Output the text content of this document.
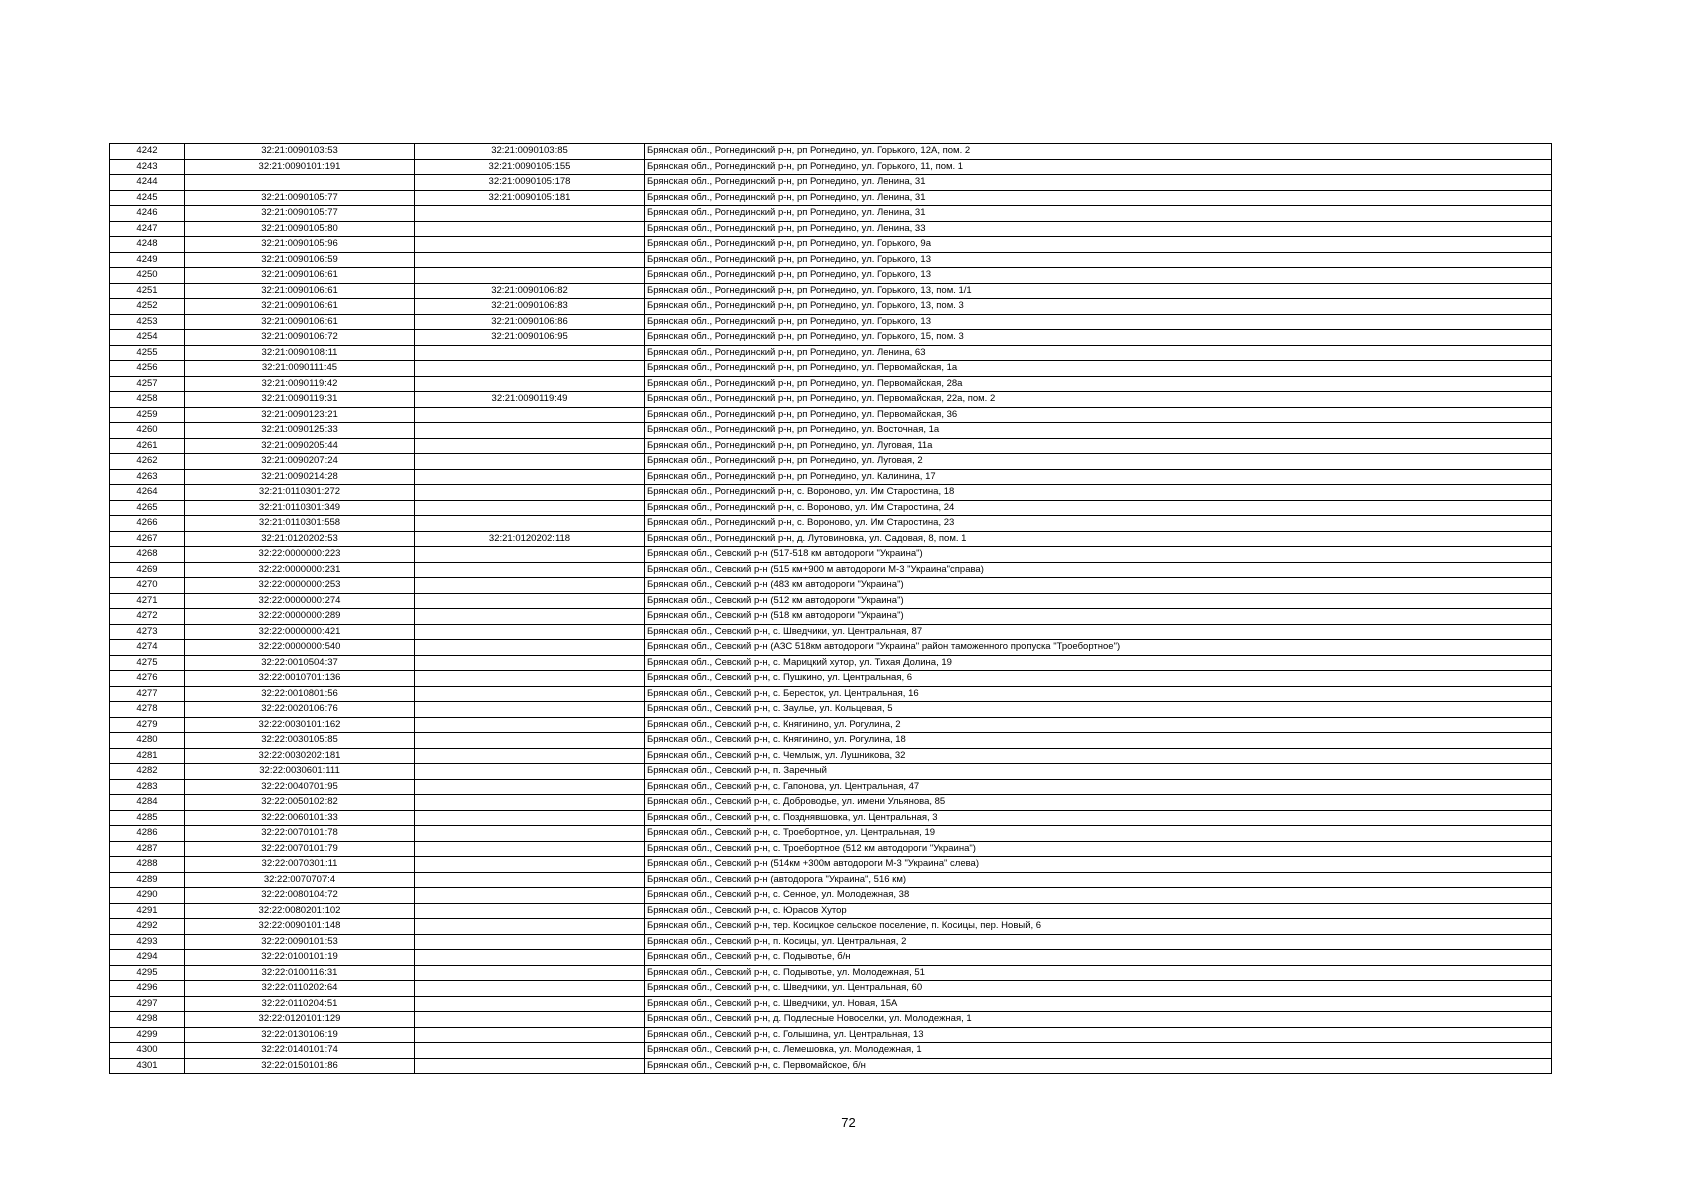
4242	32:21:0090103:53	32:21:0090103:85	Брянская обл., Рогнединский р-н, рп Рогнедино, ул. Горького, 12А, пом. 2
4243	32:21:0090101:191	32:21:0090105:155	Брянская обл., Рогнединский р-н, рп Рогнедино, ул. Горького, 11, пом. 1
4244		32:21:0090105:178	Брянская обл., Рогнединский р-н, рп Рогнедино, ул. Ленина, 31
4245	32:21:0090105:77	32:21:0090105:181	Брянская обл., Рогнединский р-н, рп Рогнедино, ул. Ленина, 31
4246	32:21:0090105:77		Брянская обл., Рогнединский р-н, рп Рогнедино, ул. Ленина, 31
4247	32:21:0090105:80		Брянская обл., Рогнединский р-н, рп Рогнедино, ул. Ленина, 33
4248	32:21:0090105:96		Брянская обл., Рогнединский р-н, рп Рогнедино, ул. Горького, 9а
4249	32:21:0090106:59		Брянская обл., Рогнединский р-н, рп Рогнедино, ул. Горького, 13
4250	32:21:0090106:61		Брянская обл., Рогнединский р-н, рп Рогнедино, ул. Горького, 13
4251	32:21:0090106:61	32:21:0090106:82	Брянская обл., Рогнединский р-н, рп Рогнедино, ул. Горького, 13, пом. 1/1
4252	32:21:0090106:61	32:21:0090106:83	Брянская обл., Рогнединский р-н, рп Рогнедино, ул. Горького, 13, пом. 3
4253	32:21:0090106:61	32:21:0090106:86	Брянская обл., Рогнединский р-н, рп Рогнедино, ул. Горького, 13
4254	32:21:0090106:72	32:21:0090106:95	Брянская обл., Рогнединский р-н, рп Рогнедино, ул. Горького, 15, пом. 3
4255	32:21:0090108:11		Брянская обл., Рогнединский р-н, рп Рогнедино, ул. Ленина, 63
4256	32:21:0090111:45		Брянская обл., Рогнединский р-н, рп Рогнедино, ул. Первомайская, 1а
4257	32:21:0090119:42		Брянская обл., Рогнединский р-н, рп Рогнедино, ул. Первомайская, 28а
4258	32:21:0090119:31	32:21:0090119:49	Брянская обл., Рогнединский р-н, рп Рогнедино, ул. Первомайская, 22а, пом. 2
4259	32:21:0090123:21		Брянская обл., Рогнединский р-н, рп Рогнедино, ул. Первомайская, 36
4260	32:21:0090125:33		Брянская обл., Рогнединский р-н, рп Рогнедино, ул. Восточная, 1а
4261	32:21:0090205:44		Брянская обл., Рогнединский р-н, рп Рогнедино, ул. Луговая, 11а
4262	32:21:0090207:24		Брянская обл., Рогнединский р-н, рп Рогнедино, ул. Луговая, 2
4263	32:21:0090214:28		Брянская обл., Рогнединский р-н, рп Рогнедино, ул. Калинина, 17
4264	32:21:0110301:272		Брянская обл., Рогнединский р-н, с. Вороново, ул. Им Старостина, 18
4265	32:21:0110301:349		Брянская обл., Рогнединский р-н, с. Вороново, ул. Им Старостина, 24
4266	32:21:0110301:558		Брянская обл., Рогнединский р-н, с. Вороново, ул. Им Старостина, 23
4267	32:21:0120202:53	32:21:0120202:118	Брянская обл., Рогнединский р-н, д. Лутовиновка, ул. Садовая, 8, пом. 1
4268	32:22:0000000:223		Брянская обл., Севский р-н (517-518 км автодороги "Украина")
4269	32:22:0000000:231		Брянская обл., Севский р-н (515 км+900 м автодороги М-3 "Украина"справа)
4270	32:22:0000000:253		Брянская обл., Севский р-н (483 км автодороги "Украина")
4271	32:22:0000000:274		Брянская обл., Севский р-н (512 км автодороги "Украина")
4272	32:22:0000000:289		Брянская обл., Севский р-н (518 км автодороги "Украина")
4273	32:22:0000000:421		Брянская обл., Севский р-н, с. Шведчики, ул. Центральная, 87
4274	32:22:0000000:540		Брянская обл., Севский р-н (АЗС 518км автодороги "Украина" район таможенного пропуска "Троебортное")
4275	32:22:0010504:37		Брянская обл., Севский р-н, с. Марицкий хутор, ул. Тихая Долина, 19
4276	32:22:0010701:136		Брянская обл., Севский р-н, с. Пушкино, ул. Центральная, 6
4277	32:22:0010801:56		Брянская обл., Севский р-н, с. Бересток, ул. Центральная, 16
4278	32:22:0020106:76		Брянская обл., Севский р-н, с. Заулье, ул. Кольцевая, 5
4279	32:22:0030101:162		Брянская обл., Севский р-н, с. Княгинино, ул. Рогулина, 2
4280	32:22:0030105:85		Брянская обл., Севский р-н, с. Княгинино, ул. Рогулина, 18
4281	32:22:0030202:181		Брянская обл., Севский р-н, с. Чемлыж, ул. Лушникова, 32
4282	32:22:0030601:111		Брянская обл., Севский р-н, п. Заречный
4283	32:22:0040701:95		Брянская обл., Севский р-н, с. Гапонова, ул. Центральная, 47
4284	32:22:0050102:82		Брянская обл., Севский р-н, с. Доброводье, ул. имени Ульянова, 85
4285	32:22:0060101:33		Брянская обл., Севский р-н, с. Позднявшовка, ул. Центральная, 3
4286	32:22:0070101:78		Брянская обл., Севский р-н, с. Троебортное, ул. Центральная, 19
4287	32:22:0070101:79		Брянская обл., Севский р-н, с. Троебортное (512 км автодороги "Украина")
4288	32:22:0070301:11		Брянская обл., Севский р-н (514км +300м автодороги М-3 "Украина" слева)
4289	32:22:0070707:4		Брянская обл., Севский р-н (автодорога "Украина", 516 км)
4290	32:22:0080104:72		Брянская обл., Севский р-н, с. Сенное, ул. Молодежная, 38
4291	32:22:0080201:102		Брянская обл., Севский р-н, с. Юрасов Хутор
4292	32:22:0090101:148		Брянская обл., Севский р-н, тер. Косицкое сельское поселение, п. Косицы, пер. Новый, 6
4293	32:22:0090101:53		Брянская обл., Севский р-н, п. Косицы, ул. Центральная, 2
4294	32:22:0100101:19		Брянская обл., Севский р-н, с. Подывотье, б/н
4295	32:22:0100116:31		Брянская обл., Севский р-н, с. Подывотье, ул. Молодежная, 51
4296	32:22:0110202:64		Брянская обл., Севский р-н, с. Шведчики, ул. Центральная, 60
4297	32:22:0110204:51		Брянская обл., Севский р-н, с. Шведчики, ул. Новая, 15А
4298	32:22:0120101:129		Брянская обл., Севский р-н, д. Подлесные Новоселки, ул. Молодежная, 1
4299	32:22:0130106:19		Брянская обл., Севский р-н, с. Голышина, ул. Центральная, 13
4300	32:22:0140101:74		Брянская обл., Севский р-н, с. Лемешовка, ул. Молодежная, 1
4301	32:22:0150101:86		Брянская обл., Севский р-н, с. Первомайское, б/н
72
